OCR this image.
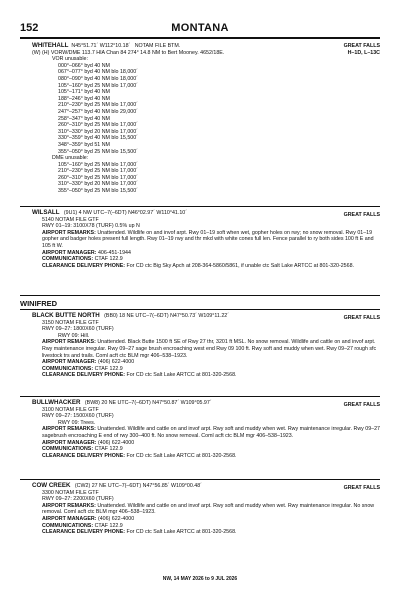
152	MONTANA
WHITEHALL N45°51.71´ W112°10.18´ NOTAM FILE BTM.
(W) (H) VORW/DME 113.7 HIA Chan 84 274° 14.8 NM to Bert Mooney. 4652/18E.
VOR unusable:
000°–066° byd 40 NM
067°–077° byd 40 NM blo 18,000´
080°–090° byd 40 NM blo 18,000´
105°–160° byd 25 NM blo 17,000´
105°–171° byd 40 NM
188°–246° byd 40 NM
210°–230° byd 25 NM blo 17,000´
247°–257° byd 40 NM blo 29,000´
258°–347° byd 40 NM
260°–310° byd 25 NM blo 17,000´
310°–330° byd 20 NM blo 17,000´
330°–359° byd 40 NM blo 15,500´
348°–359° byd 51 NM
355°–050° byd 25 NM blo 15,500´
DME unusable:
105°–160° byd 25 NM blo 17,000´
210°–230° byd 25 NM blo 17,000´
260°–310° byd 25 NM blo 17,000´
310°–330° byd 20 NM blo 17,000´
355°–050° byd 25 NM blo 15,500´
GREAT FALLS
H–1D, L–13C
WILSALL (9U1) 4 NW UTC–7(–6DT) N46°02.97´ W110°41.10´
5140 NOTAM FILE GTF
RWY 01–19: 3100X78 (TURF) 0.5% up N
AIRPORT REMARKS: Unattended. Wildlife on and invof arpt. Rwy 01–19 soft when wet, gopher holes on rwy; no snow removal. Rwy 01–19 gopher and badger holes present full length. Rwy 01–19 rwy and thr mkd with white cones full len. Fence parallel to ry both sides 100 ft E and 105 ft W.
AIRPORT MANAGER: 406-451-1944
COMMUNICATIONS: CTAF 122.9
CLEARANCE DELIVERY PHONE: For CD ctc Big Sky Apch at 208-364-5860/5861, if unable ctc Salt Lake ARTCC at 801-320-2568.
GREAT FALLS
WINIFRED
BLACK BUTTE NORTH (BB0) 18 NE UTC–7(–6DT) N47°50.73´ W109°11.22´
3150 NOTAM FILE GTF
RWY 09–27: 1800X60 (TURF)
RWY 09: Hill.
AIRPORT REMARKS: Unattended. Black Butte 1500 ft SE of Rwy 27 thr, 3201 ft MSL. No snow removal. Wildlife and cattle on and invof arpt. Rwy maintenance irregular. Rwy 09–27 sage brush encroaching west end Rwy 09 100 ft. Rwy soft and muddy when wet. Rwy 09–27 rough sfc livestock trs and trails. Coml acft ctc BLM mgr 406–538–1923.
AIRPORT MANAGER: (406) 622-4000
COMMUNICATIONS: CTAF 122.9
CLEARANCE DELIVERY PHONE: For CD ctc Salt Lake ARTCC at 801-320-2568.
GREAT FALLS
BULLWHACKER (BW8) 20 NE UTC–7(–6DT) N47°50.87´ W109°05.97´
3100 NOTAM FILE GTF
RWY 09–27: 1500X60 (TURF)
RWY 09: Trees.
AIRPORT REMARKS: Unattended. Wildlife and cattle on and invof arpt. Rwy soft and muddy when wet. Rwy maintenance irregular. Rwy 09–27 sagebrush encroaching E end of rwy 300–400 ft. No snow removal. Coml acft ctc BLM mgr 406–538–1923.
AIRPORT MANAGER: (406) 622-4000
COMMUNICATIONS: CTAF 122.9
CLEARANCE DELIVERY PHONE: For CD ctc Salt Lake ARTCC at 801-320-2568.
GREAT FALLS
COW CREEK (CW2) 27 NE UTC–7(–6DT) N47°56.85´ W109°00.48´
3300 NOTAM FILE GTF
RWY 09–27: 2200X60 (TURF)
AIRPORT REMARKS: Unattended. Wildlife and cattle on and invof arpt. Rwy soft and muddy when wet. Rwy maintenance irregular. No snow removal. Coml acft ctc BLM mgr 406–538–1923.
AIRPORT MANAGER: (406) 622-4000
COMMUNICATIONS: CTAF 122.9
CLEARANCE DELIVERY PHONE: For CD ctc Salt Lake ARTCC at 801-320-2568.
GREAT FALLS
NW, 14 MAY 2026 to 9 JUL 2026
